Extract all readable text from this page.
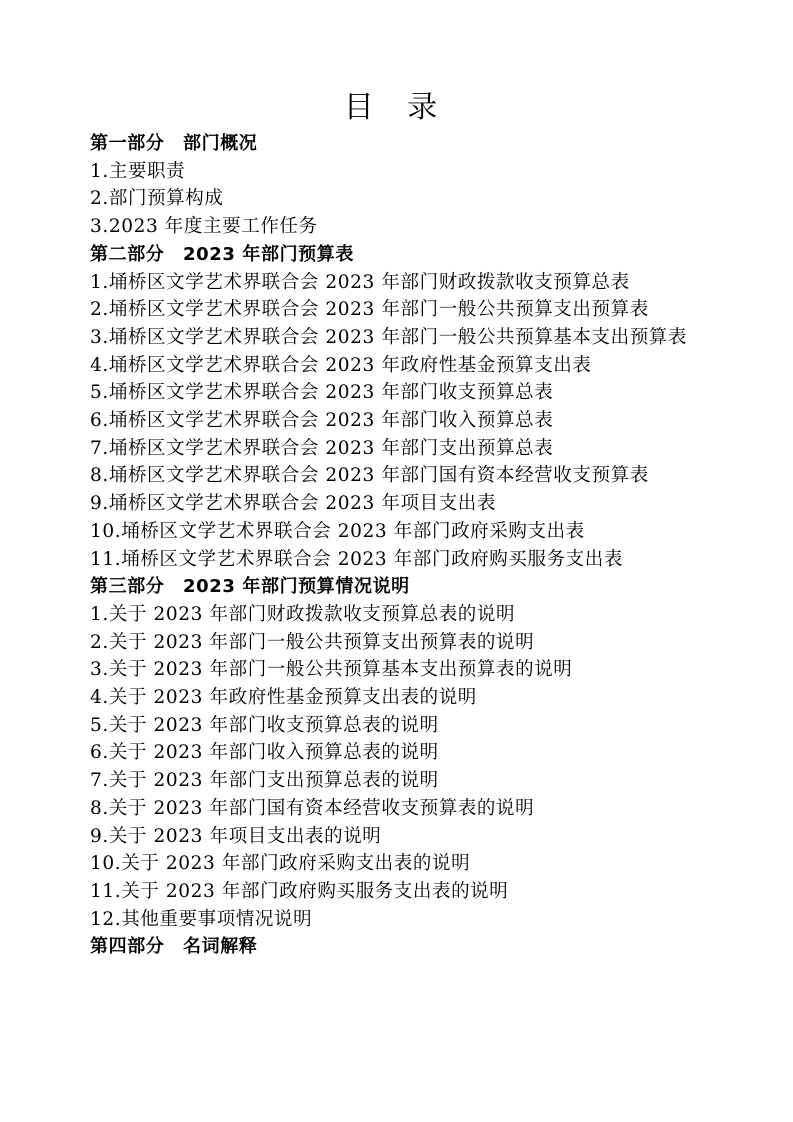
目 录
第一部分　部门概况
1.主要职责
2.部门预算构成
3.2023 年度主要工作任务
第二部分　2023 年部门预算表
1.埇桥区文学艺术界联合会 2023 年部门财政拨款收支预算总表
2.埇桥区文学艺术界联合会 2023 年部门一般公共预算支出预算表
3.埇桥区文学艺术界联合会 2023 年部门一般公共预算基本支出预算表
4.埇桥区文学艺术界联合会 2023 年政府性基金预算支出表
5.埇桥区文学艺术界联合会 2023 年部门收支预算总表
6.埇桥区文学艺术界联合会 2023 年部门收入预算总表
7.埇桥区文学艺术界联合会 2023 年部门支出预算总表
8.埇桥区文学艺术界联合会 2023 年部门国有资本经营收支预算表
9.埇桥区文学艺术界联合会 2023 年项目支出表
10.埇桥区文学艺术界联合会 2023 年部门政府采购支出表
11.埇桥区文学艺术界联合会 2023 年部门政府购买服务支出表
第三部分　2023 年部门预算情况说明
1.关于 2023 年部门财政拨款收支预算总表的说明
2.关于 2023 年部门一般公共预算支出预算表的说明
3.关于 2023 年部门一般公共预算基本支出预算表的说明
4.关于 2023 年政府性基金预算支出表的说明
5.关于 2023 年部门收支预算总表的说明
6.关于 2023 年部门收入预算总表的说明
7.关于 2023 年部门支出预算总表的说明
8.关于 2023 年部门国有资本经营收支预算表的说明
9.关于 2023 年项目支出表的说明
10.关于 2023 年部门政府采购支出表的说明
11.关于 2023 年部门政府购买服务支出表的说明
12.其他重要事项情况说明
第四部分　名词解释
